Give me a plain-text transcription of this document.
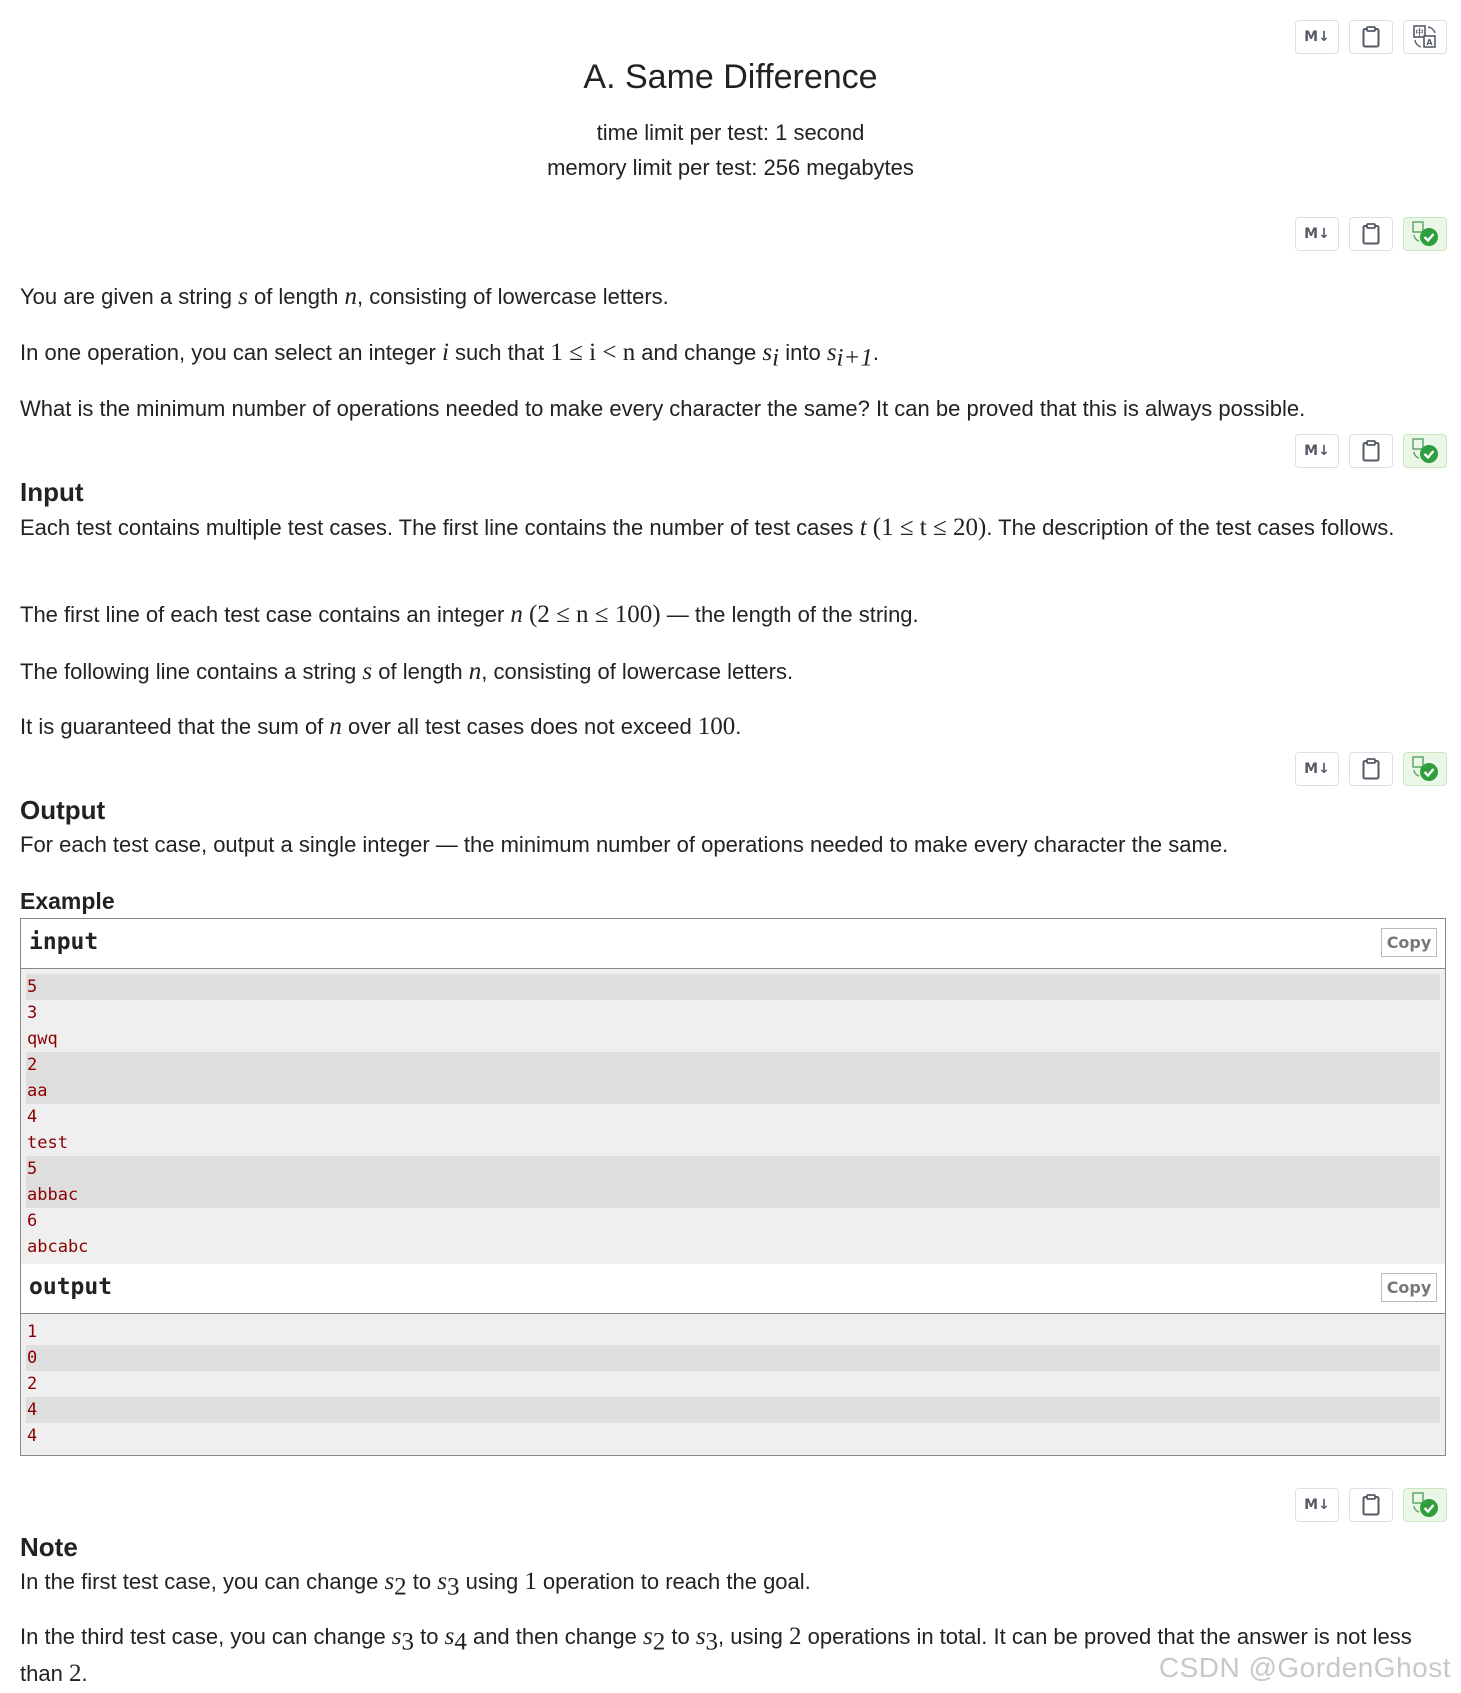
M↓	中
A
A. Same Difference
time limit per test: 1 second
memory limit per test: 256 megabytes
M↓
You are given a string s of length n, consisting of lowercase letters.
In one operation, you can select an integer i such that 1 ≤ i < n and change $s_i$ into $s_{i+1}$.
What is the minimum number of operations needed to make every character the same? It can be proved that this is always possible.
M↓
Input
Each test contains multiple test cases. The first line contains the number of test cases t (1 ≤ t ≤ 20). The description of the test cases follows.
The first line of each test case contains an integer n (2 ≤ n ≤ 100) — the length of the string.
The following line contains a string s of length n, consisting of lowercase letters.
It is guaranteed that the sum of n over all test cases does not exceed 100.
M↓
Output
For each test case, output a single integer — the minimum number of operations needed to make every character the same.
Example
input	Copy
5
3
qwq
2
aa
4
test
5
abbac
6
abcabc
output	Copy
1
0
2
4
4
M↓
Note
In the first test case, you can change $s_2$ to $s_3$ using 1 operation to reach the goal.
In the third test case, you can change $s_3$ to $s_4$ and then change $s_2$ to $s_3$, using 2 operations in total. It can be proved that the answer is not less than 2.	CSDN @GordenGhost
